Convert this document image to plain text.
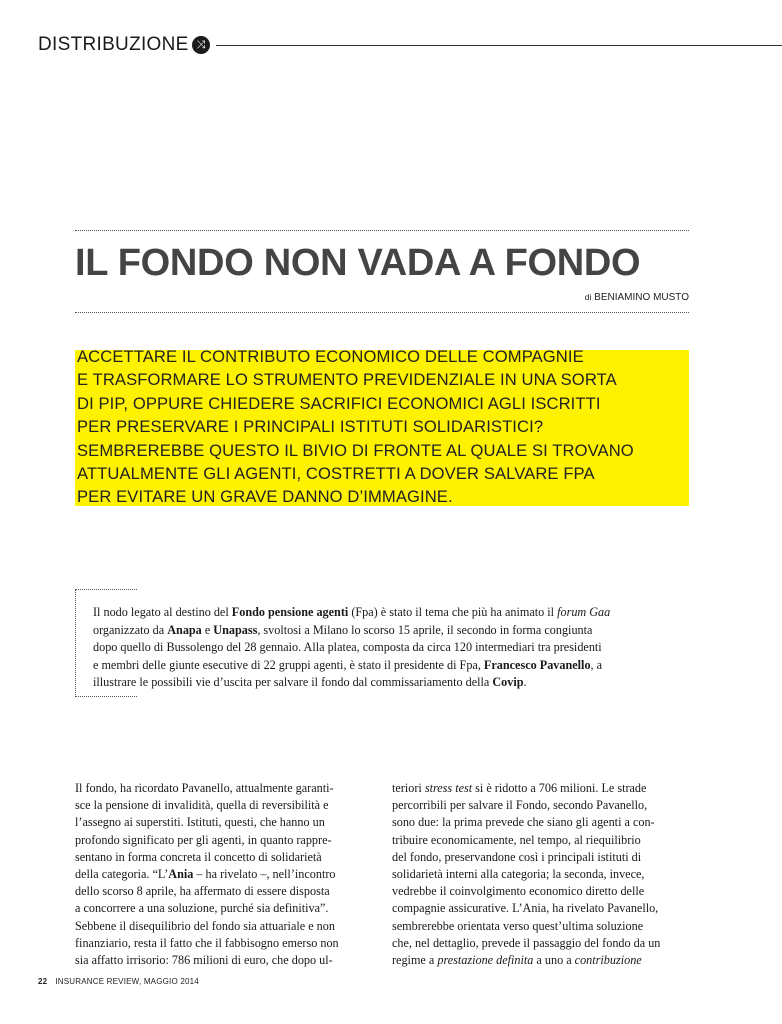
DISTRIBUZIONE ⤨
IL FONDO NON VADA A FONDO
di BENIAMINO MUSTO
ACCETTARE IL CONTRIBUTO ECONOMICO DELLE COMPAGNIE
E TRASFORMARE LO STRUMENTO PREVIDENZIALE IN UNA SORTA
DI PIP, OPPURE CHIEDERE SACRIFICI ECONOMICI AGLI ISCRITTI
PER PRESERVARE I PRINCIPALI ISTITUTI SOLIDARISTICI?
SEMBREREBBE QUESTO IL BIVIO DI FRONTE AL QUALE SI TROVANO
ATTUALMENTE GLI AGENTI, COSTRETTI A DOVER SALVARE FPA
PER EVITARE UN GRAVE DANNO D’IMMAGINE.
Il nodo legato al destino del Fondo pensione agenti (Fpa) è stato il tema che più ha animato il forum Gaa
organizzato da Anapa e Unapass, svoltosi a Milano lo scorso 15 aprile, il secondo in forma congiunta
dopo quello di Bussolengo del 28 gennaio. Alla platea, composta da circa 120 intermediari tra presidenti
e membri delle giunte esecutive di 22 gruppi agenti, è stato il presidente di Fpa, Francesco Pavanello, a
illustrare le possibili vie d’uscita per salvare il fondo dal commissariamento della Covip.
Il fondo, ha ricordato Pavanello, attualmente garanti-
sce la pensione di invalidità, quella di reversibilità e
l’assegno ai superstiti. Istituti, questi, che hanno un
profondo significato per gli agenti, in quanto rappre-
sentano in forma concreta il concetto di solidarietà
della categoria. “L’Ania – ha rivelato –, nell’incontro
dello scorso 8 aprile, ha affermato di essere disposta
a concorrere a una soluzione, purché sia definitiva”.
Sebbene il disequilibrio del fondo sia attuariale e non
finanziario, resta il fatto che il fabbisogno emerso non
sia affatto irrisorio: 786 milioni di euro, che dopo ul-
teriori stress test si è ridotto a 706 milioni. Le strade
percorribili per salvare il Fondo, secondo Pavanello,
sono due: la prima prevede che siano gli agenti a con-
tribuire economicamente, nel tempo, al riequilibrio
del fondo, preservandone così i principali istituti di
solidarietà interni alla categoria; la seconda, invece,
vedrebbe il coinvolgimento economico diretto delle
compagnie assicurative. L’Ania, ha rivelato Pavanello,
sembrerebbe orientata verso quest’ultima soluzione
che, nel dettaglio, prevede il passaggio del fondo da un
regime a prestazione definita a uno a contribuzione
22 INSURANCE REVIEW, MAGGIO 2014
